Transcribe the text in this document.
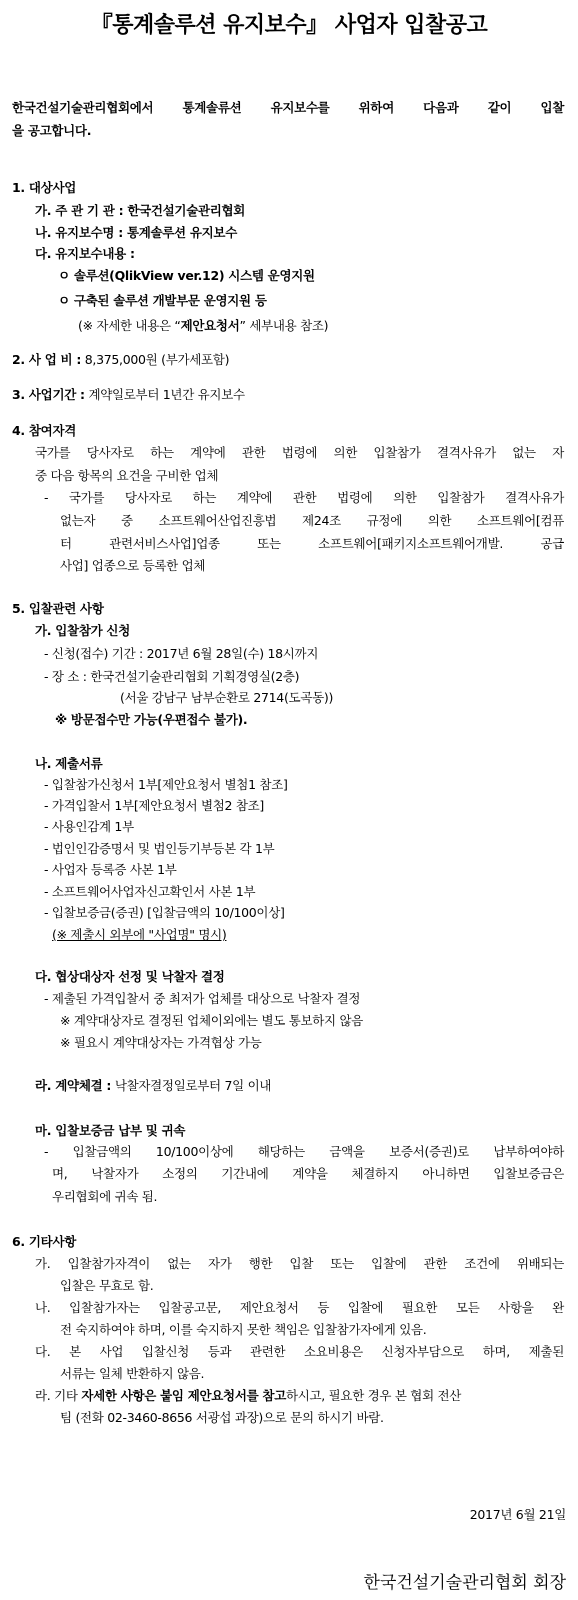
『통계솔루션 유지보수』 사업자 입찰공고
한국건설기술관리협회에서 통계솔류션 유지보수를 위하여 다음과 같이 입찰
을 공고합니다.
1. 대상사업
가. 주 관 기 관 : 한국건설기술관리협회
나. 유지보수명 : 통계솔루션 유지보수
다. 유지보수내용 :
ㅇ 솔루션(QlikView ver.12) 시스템 운영지원
ㅇ 구축된 솔루션 개발부문 운영지원 등
(※ 자세한 내용은 “제안요청서” 세부내용 참조)
2. 사 업 비 : 8,375,000원 (부가세포함)
3. 사업기간 : 계약일로부터 1년간 유지보수
4. 참여자격
국가를 당사자로 하는 계약에 관한 법령에 의한 입찰참가 결격사유가 없는 자
중 다음 항목의 요건을 구비한 업체
- 국가를 당사자로 하는 계약에 관한 법령에 의한 입찰참가 결격사유가
없는자 중 소프트웨어산업진흥법 제24조 규정에 의한 소프트웨어[컴퓨
터 관련서비스사업]업종 또는 소프트웨어[패키지소프트웨어개발. 공급
사업] 업종으로 등록한 업체
5. 입찰관련 사항
가. 입찰참가 신청
- 신청(접수) 기간 : 2017년 6월 28일(수) 18시까지
- 장 소 : 한국건설기술관리협회 기획경영실(2층)
(서울 강남구 남부순환로 2714(도곡동))
※ 방문접수만 가능(우편접수 불가).
나. 제출서류
- 입찰참가신청서 1부[제안요청서 별첨1 참조]
- 가격입찰서 1부[제안요청서 별첨2 참조]
- 사용인감계 1부
- 법인인감증명서 및 법인등기부등본 각 1부
- 사업자 등록증 사본 1부
- 소프트웨어사업자신고확인서 사본 1부
- 입찰보증금(증권) [입찰금액의 10/100이상]
(※ 제출시 외부에 "사업명" 명시)
다. 협상대상자 선정 및 낙찰자 결정
- 제출된 가격입찰서 중 최저가 업체를 대상으로 낙찰자 결정
※ 계약대상자로 결정된 업체이외에는 별도 통보하지 않음
※ 필요시 계약대상자는 가격협상 가능
라. 계약체결 : 낙찰자결정일로부터 7일 이내
마. 입찰보증금 납부 및 귀속
- 입찰금액의 10/100이상에 해당하는 금액을 보증서(증권)로 납부하여야하
며, 낙찰자가 소정의 기간내에 계약을 체결하지 아니하면 입찰보증금은
우리협회에 귀속 됨.
6. 기타사항
가. 입찰참가자격이 없는 자가 행한 입찰 또는 입찰에 관한 조건에 위배되는
입찰은 무효로 함.
나. 입찰참가자는 입찰공고문, 제안요청서 등 입찰에 필요한 모든 사항을 완
전 숙지하여야 하며, 이를 숙지하지 못한 책임은 입찰참가자에게 있음.
다. 본 사업 입찰신청 등과 관련한 소요비용은 신청자부담으로 하며, 제출된
서류는 일체 반환하지 않음.
라. 기타 자세한 사항은 붙임 제안요청서를 참고하시고, 필요한 경우 본 협회 전산
팀 (전화 02-3460-8656 서광섭 과장)으로 문의 하시기 바람.
2017년 6월 21일
한국건설기술관리협회 회장
